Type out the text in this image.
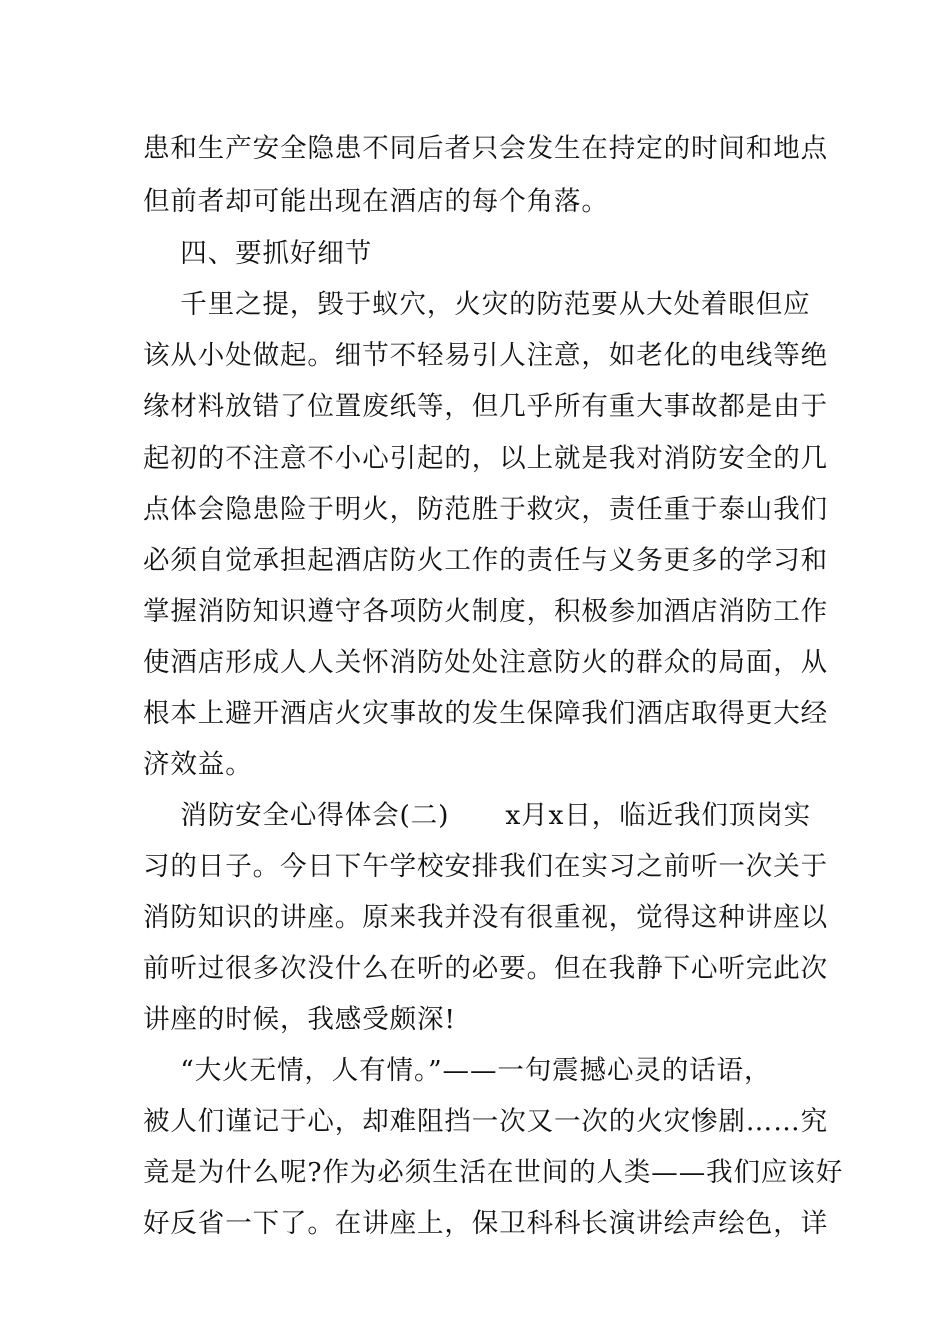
患和生产安全隐患不同后者只会发生在持定的时间和地点
但前者却可能出现在酒店的每个角落。
四、要抓好细节
千里之提，毁于蚁穴，火灾的防范要从大处着眼但应
该从小处做起。细节不轻易引人注意，如老化的电线等绝
缘材料放错了位置废纸等，但几乎所有重大事故都是由于
起初的不注意不小心引起的，以上就是我对消防安全的几
点体会隐患险于明火，防范胜于救灾，责任重于泰山我们
必须自觉承担起酒店防火工作的责任与义务更多的学习和
掌握消防知识遵守各项防火制度，积极参加酒店消防工作
使酒店形成人人关怀消防处处注意防火的群众的局面，从
根本上避开酒店火灾事故的发生保障我们酒店取得更大经
济效益。
消防安全心得体会(二)      x月x日，临近我们顶岗实
习的日子。今日下午学校安排我们在实习之前听一次关于
消防知识的讲座。原来我并没有很重视，觉得这种讲座以
前听过很多次没什么在听的必要。但在我静下心听完此次
讲座的时候，我感受颇深!
“大火无情，人有情。”——一句震撼心灵的话语，
被人们谨记于心，却难阻挡一次又一次的火灾惨剧……究
竟是为什么呢?作为必须生活在世间的人类——我们应该好
好反省一下了。在讲座上，保卫科科长演讲绘声绘色，详
